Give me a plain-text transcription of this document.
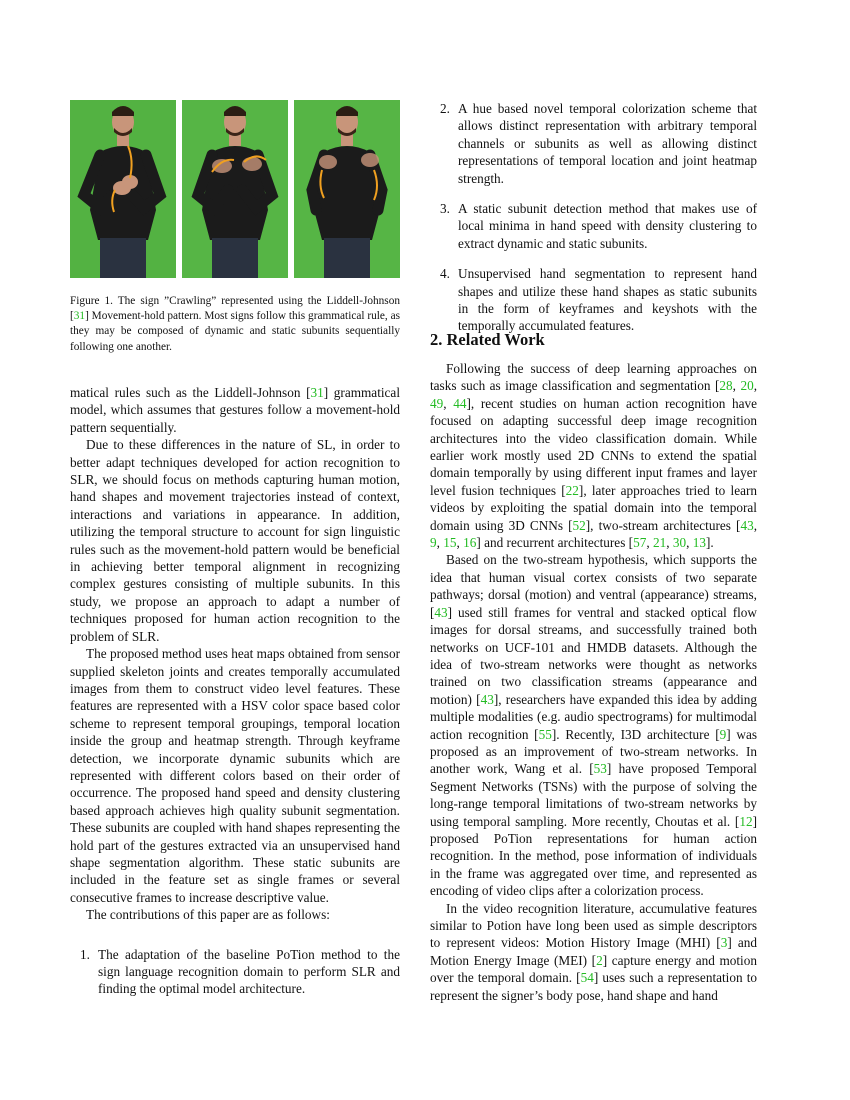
Figure 1. The sign ”Crawling” represented using the Liddell-Johnson [31] Movement-hold pattern. Most signs follow this grammatical rule, as they may be composed of dynamic and static subunits sequentially following one another.

matical rules such as the Liddell-Johnson [31] grammatical model, which assumes that gestures follow a movement-hold pattern sequentially.

Due to these differences in the nature of SL, in order to better adapt techniques developed for action recognition to SLR, we should focus on methods capturing human motion, hand shapes and movement trajectories instead of context, interactions and variations in appearance. In addition, utilizing the temporal structure to account for sign linguistic rules such as the movement-hold pattern would be beneficial in achieving better temporal alignment in recognizing complex gestures consisting of multiple subunits. In this study, we propose an approach to adapt a number of techniques proposed for human action recognition to the problem of SLR.

The proposed method uses heat maps obtained from sensor supplied skeleton joints and creates temporally accumulated images from them to construct video level features. These features are represented with a HSV color space based color scheme to represent temporal groupings, temporal location inside the group and heatmap strength. Through keyframe detection, we incorporate dynamic subunits which are represented with different colors based on their order of occurrence. The proposed hand speed and density clustering based approach achieves high quality subunit segmentation. These subunits are coupled with hand shapes representing the hold part of the gestures extracted via an unsupervised hand shape segmentation algorithm. These static subunits are included in the feature set as single frames or several consecutive frames to increase descriptive value.

The contributions of this paper are as follows:

1. The adaptation of the baseline PoTion method to the sign language recognition domain to perform SLR and finding the optimal model architecture.
2. A hue based novel temporal colorization scheme that allows distinct representation with arbitrary temporal channels or subunits as well as allowing distinct representations of temporal location and joint heatmap strength.
3. A static subunit detection method that makes use of local minima in hand speed with density clustering to extract dynamic and static subunits.
4. Unsupervised hand segmentation to represent hand shapes and utilize these hand shapes as static subunits in the form of keyframes and keyshots with the temporally accumulated features.
2. Related Work

Following the success of deep learning approaches on tasks such as image classification and segmentation [28, 20, 49, 44], recent studies on human action recognition have focused on adapting successful deep image recognition architectures into the video classification domain. While earlier work mostly used 2D CNNs to extend the spatial domain temporally by using different input frames and layer level fusion techniques [22], later approaches tried to learn videos by exploiting the spatial domain into the temporal domain using 3D CNNs [52], two-stream architectures [43, 9, 15, 16] and recurrent architectures [57, 21, 30, 13].

Based on the two-stream hypothesis, which supports the idea that human visual cortex consists of two separate pathways; dorsal (motion) and ventral (appearance) streams, [43] used still frames for ventral and stacked optical flow images for dorsal streams, and successfully trained both networks on UCF-101 and HMDB datasets. Although the idea of two-stream networks were thought as networks trained on two classification streams (appearance and motion) [43], researchers have expanded this idea by adding multiple modalities (e.g. audio spectrograms) for multimodal action recognition [55]. Recently, I3D architecture [9] was proposed as an improvement of two-stream networks. In another work, Wang et al. [53] have proposed Temporal Segment Networks (TSNs) with the purpose of solving the long-range temporal limitations of two-stream networks by using temporal sampling. More recently, Choutas et al. [12] proposed PoTion representations for human action recognition. In the method, pose information of individuals in the frame was aggregated over time, and represented as encoding of video clips after a colorization process.

In the video recognition literature, accumulative features similar to Potion have long been used as simple descriptors to represent videos: Motion History Image (MHI) [3] and Motion Energy Image (MEI) [2] capture energy and motion over the temporal domain. [54] uses such a representation to represent the signer’s body pose, hand shape and hand
